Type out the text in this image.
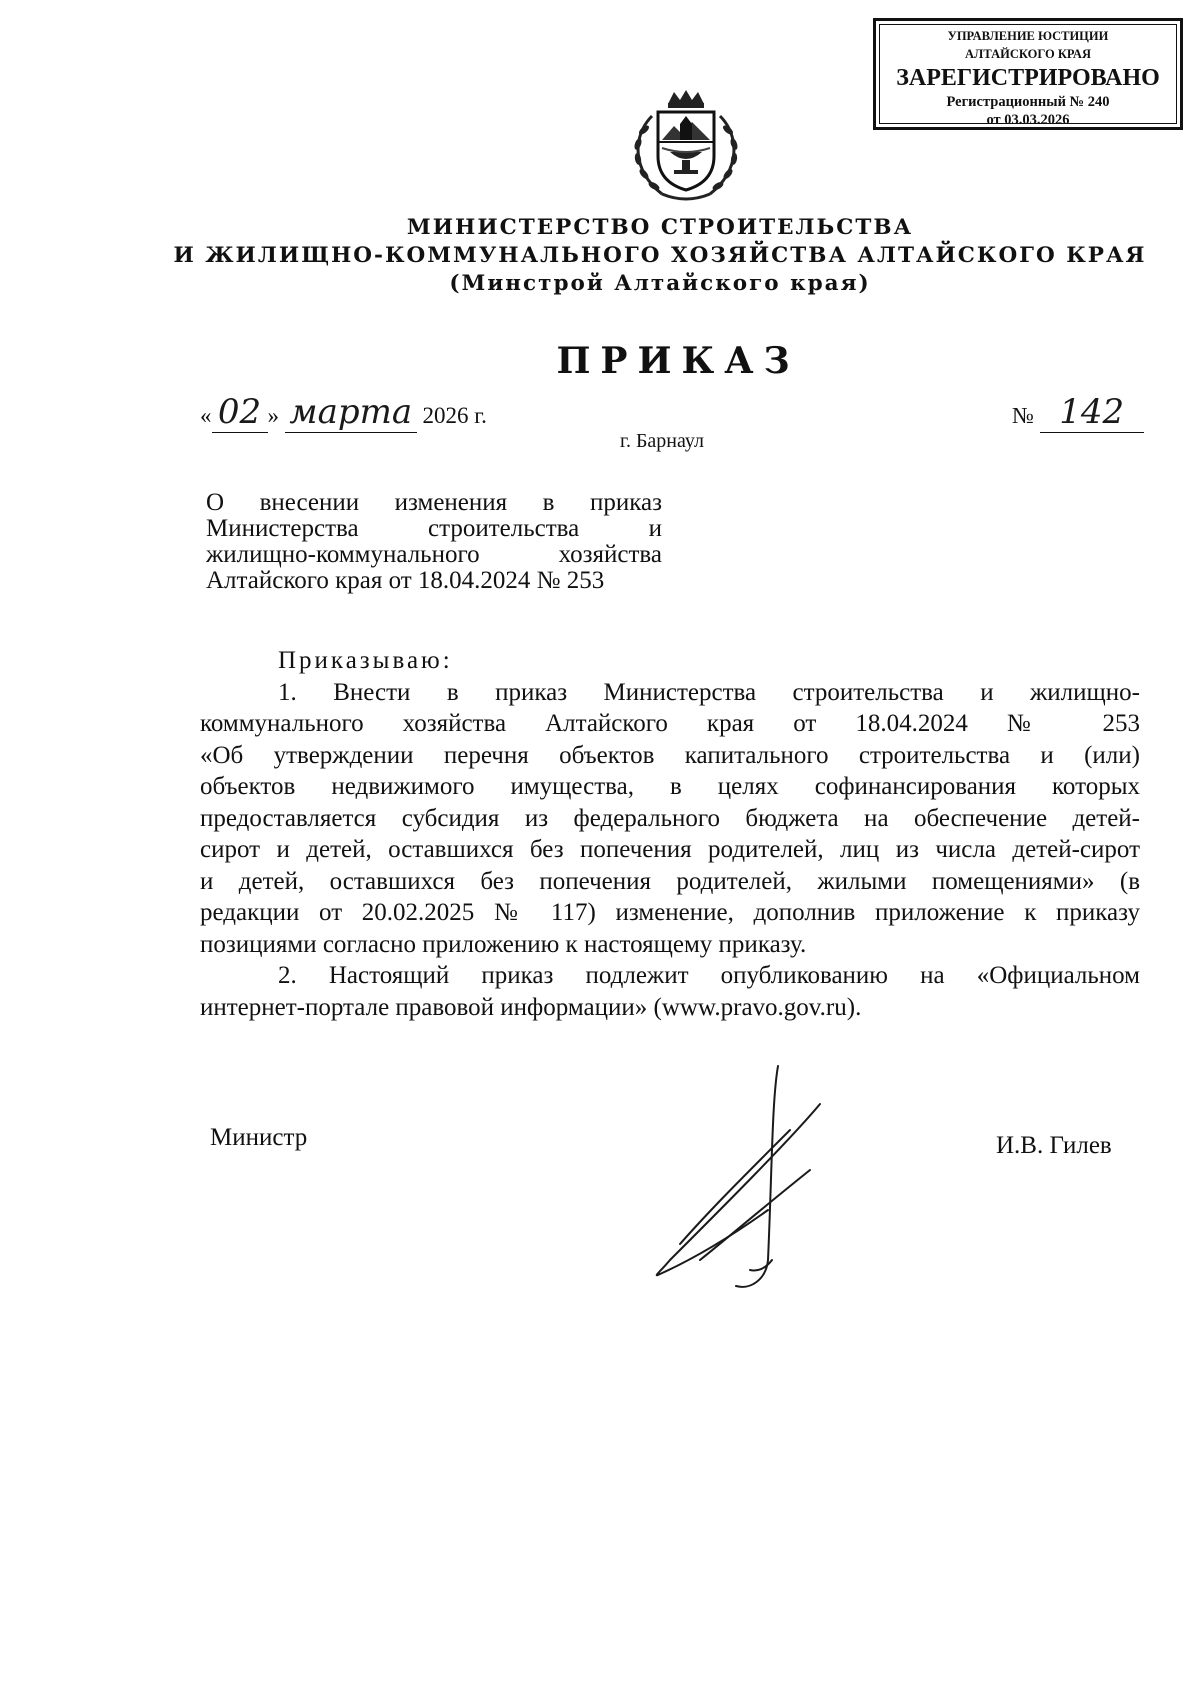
УПРАВЛЕНИЕ ЮСТИЦИИ
АЛТАЙСКОГО КРАЯ
ЗАРЕГИСТРИРОВАНО
Регистрационный № 240
от 03.03.2026
МИНИСТЕРСТВО СТРОИТЕЛЬСТВА
И ЖИЛИЩНО-КОММУНАЛЬНОГО ХОЗЯЙСТВА АЛТАЙСКОГО КРАЯ
(Минстрой Алтайского края)
ПРИКАЗ
« 02 » марта 2026 г.	№ 142
г. Барнаул
О внесении изменения в приказ
Министерства строительства и
жилищно-коммунального хозяйства
Алтайского края от 18.04.2024 № 253
Приказываю:
1. Внести в приказ Министерства строительства и жилищно-
коммунального хозяйства Алтайского края от 18.04.2024 № 253
«Об утверждении перечня объектов капитального строительства и (или)
объектов недвижимого имущества, в целях софинансирования которых
предоставляется субсидия из федерального бюджета на обеспечение детей-
сирот и детей, оставшихся без попечения родителей, лиц из числа детей-сирот
и детей, оставшихся без попечения родителей, жилыми помещениями» (в
редакции от 20.02.2025 № 117) изменение, дополнив приложение к приказу
позициями согласно приложению к настоящему приказу.
2. Настоящий приказ подлежит опубликованию на «Официальном
интернет-портале правовой информации» (www.pravo.gov.ru).
Министр	И.В. Гилев
